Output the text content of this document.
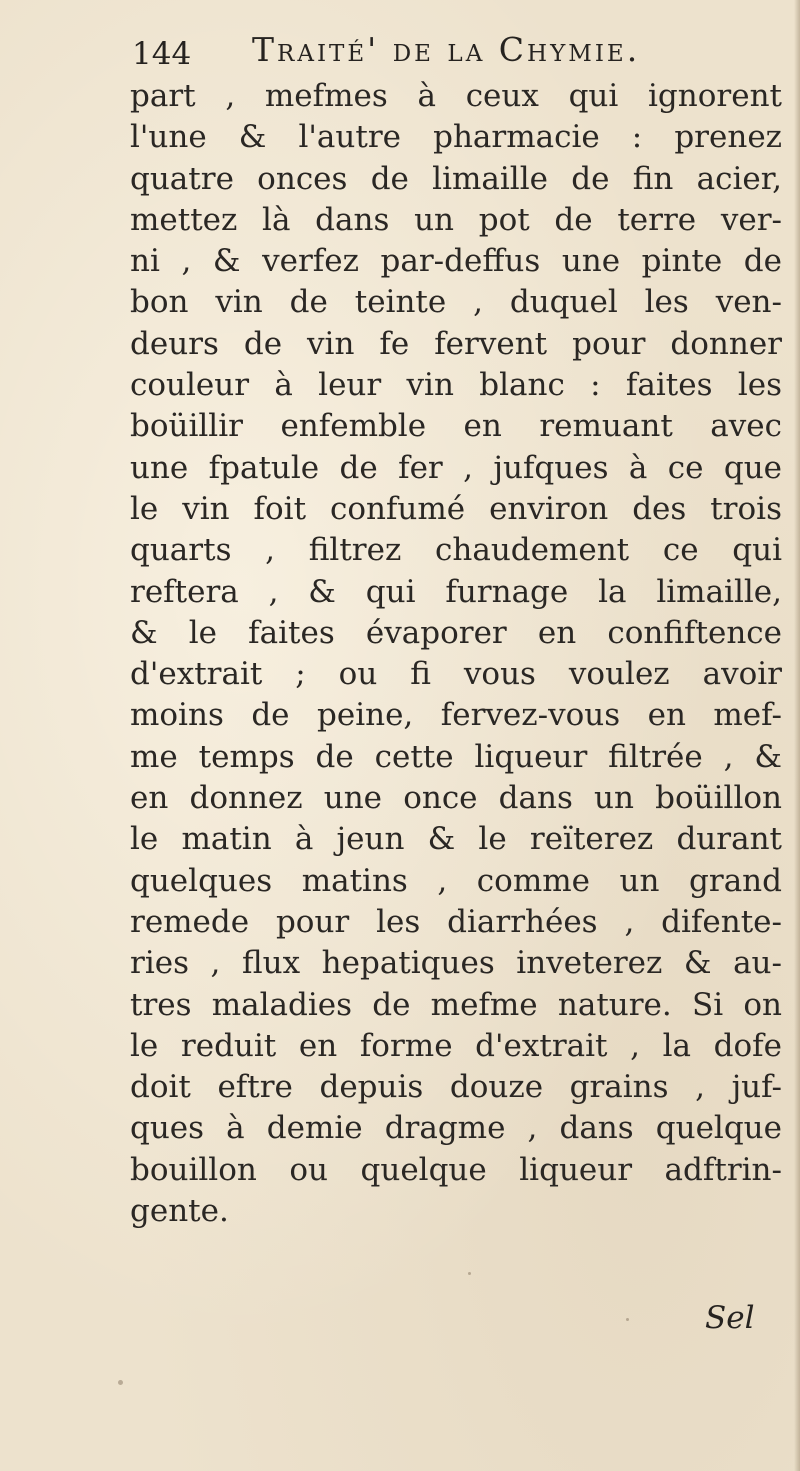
144 Traité' de la Chymie.
part , mefmes à ceux qui ignorent
l'une & l'autre pharmacie : prenez
quatre onces de limaille de fin acier,
mettez là dans un pot de terre ver-
ni , & verfez par-deffus une pinte de
bon vin de teinte , duquel les ven-
deurs de vin fe fervent pour donner
couleur à leur vin blanc : faites les
boüillir enfemble en remuant avec
une fpatule de fer , jufques à ce que
le vin foit confumé environ des trois
quarts , filtrez chaudement ce qui
reftera , & qui furnage la limaille,
& le faites évaporer en confiftence
d'extrait ; ou fi vous voulez avoir
moins de peine, fervez-vous en mef-
me temps de cette liqueur filtrée , &
en donnez une once dans un boüillon
le matin à jeun & le reïterez durant
quelques matins , comme un grand
remede pour les diarrhées , difente-
ries , flux hepatiques inveterez & au-
tres maladies de mefme nature. Si on
le reduit en forme d'extrait , la dofe
doit eftre depuis douze grains , juf-
ques à demie dragme , dans quelque
bouillon ou quelque liqueur adftrin-
gente.
Sel
